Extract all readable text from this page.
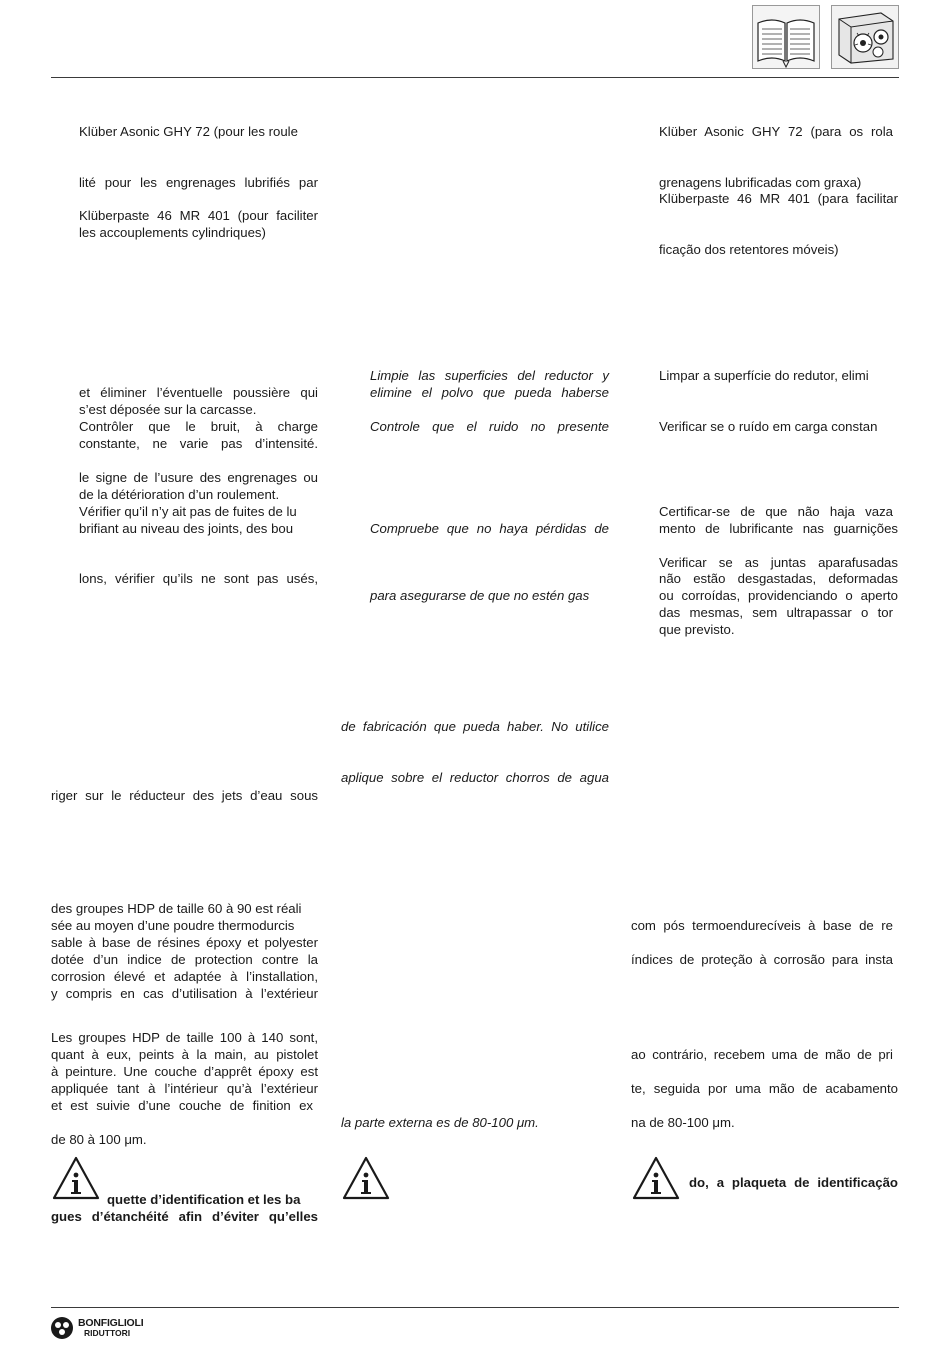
Klüber Asonic GHY 72 (pour les roule
lité pour les engrenages lubrifiés par
Klüberpaste 46 MR 401 (pour faciliter
les accouplements cylindriques)
Klüber Asonic GHY 72 (para os rola
grenagens lubrificadas com graxa)
Klüberpaste 46 MR 401 (para facilitar
ficação dos retentores móveis)
et éliminer l’éventuelle poussière qui
s’est déposée sur la carcasse.
Contrôler que le bruit, à charge
constante, ne varie pas d’intensité.
le signe de l’usure des engrenages ou
de la détérioration d’un roulement.
Vérifier qu’il n’y ait pas de fuites de lu
brifiant au niveau des joints, des bou
lons, vérifier qu’ils ne sont pas usés,
Limpie las superficies del reductor y
elimine el polvo que pueda haberse
Controle que el ruido no presente
Compruebe que no haya pérdidas de
para asegurarse de que no estén gas
Limpar a superfície do redutor, elimi
Verificar se o ruído em carga constan
Certificar-se de que não haja vaza
mento de lubrificante nas guarnições
Verificar se as juntas aparafusadas
não estão desgastadas, deformadas
ou corroídas, providenciando o aperto
das mesmas, sem ultrapassar o tor
que previsto.
de fabricación que pueda haber. No utilice
aplique sobre el reductor chorros de agua
riger sur le réducteur des jets d’eau sous
des groupes HDP de taille 60 à 90 est réali
sée au moyen d’une poudre thermodurcis
sable à base de résines époxy et polyester
dotée d’un indice de protection contre la
corrosion élevé et adaptée à l’installation,
y compris en cas d’utilisation à l’extérieur
Les groupes HDP de taille 100 à 140 sont,
quant à eux, peints à la main, au pistolet
à peinture. Une couche d’apprêt époxy est
appliquée tant à l’intérieur qu’à l’extérieur
et est suivie d’une couche de finition ex
de 80 à 100 μm.
com pós termoendurecíveis à base de re
índices de proteção à corrosão para insta
ao contrário, recebem uma de mão de pri
te, seguida por uma mão de acabamento
na de 80-100 μm.
la parte externa es de 80-100 μm.
quette d’identification et les ba
gues d’étanchéité afin d’éviter qu’elles
do, a plaqueta de identificação
BONFIGLIOLI
RIDUTTORI
